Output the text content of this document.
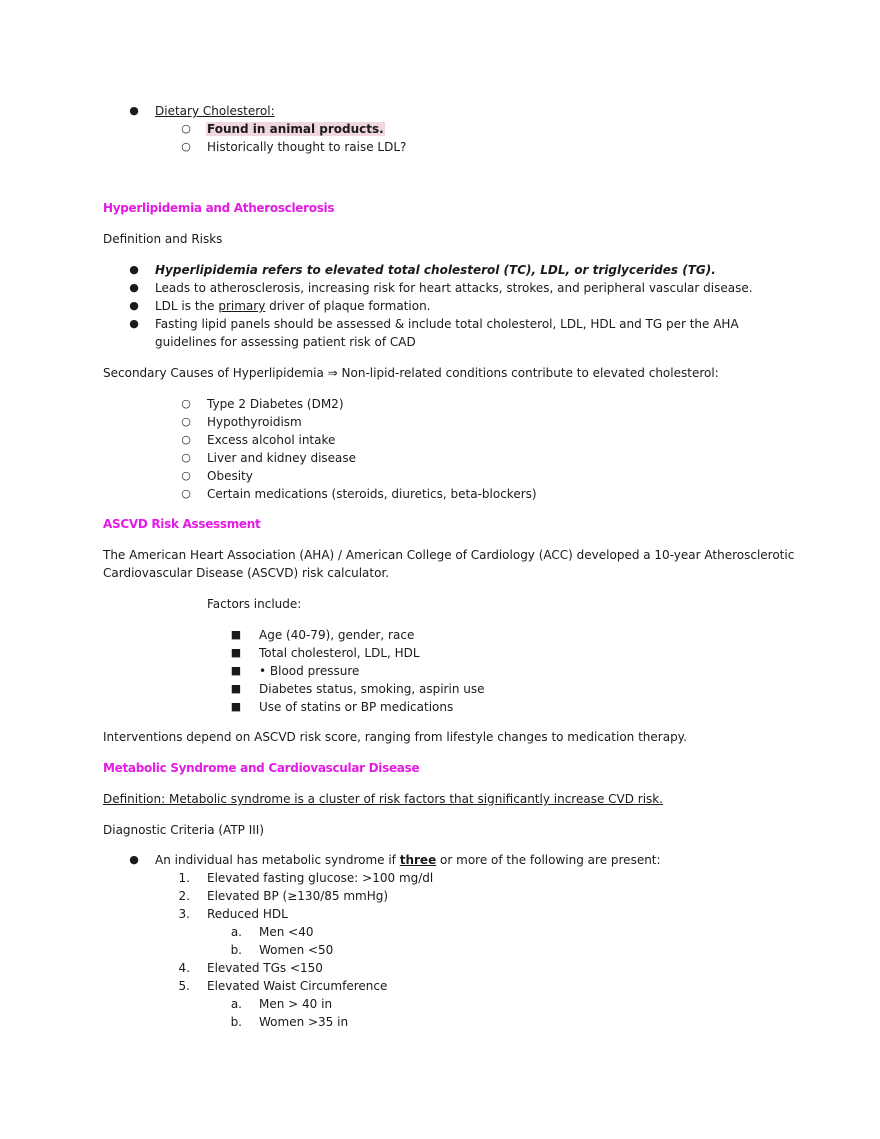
●	Dietary Cholesterol:
○	Found in animal products.
○	Historically thought to raise LDL?
Hyperlipidemia and Atherosclerosis
Definition and Risks
●	Hyperlipidemia refers to elevated total cholesterol (TC), LDL, or triglycerides (TG).
●	Leads to atherosclerosis, increasing risk for heart attacks, strokes, and peripheral vascular disease.
●	LDL is the primary driver of plaque formation.
●	Fasting lipid panels should be assessed & include total cholesterol, LDL, HDL and TG per the AHA
guidelines for assessing patient risk of CAD
Secondary Causes of Hyperlipidemia ⇒ Non-lipid-related conditions contribute to elevated cholesterol:
○	Type 2 Diabetes (DM2)
○	Hypothyroidism
○	Excess alcohol intake
○	Liver and kidney disease
○	Obesity
○	Certain medications (steroids, diuretics, beta-blockers)
ASCVD Risk Assessment
The American Heart Association (AHA) / American College of Cardiology (ACC) developed a 10-year Atherosclerotic
Cardiovascular Disease (ASCVD) risk calculator.
Factors include:
■	Age (40-79), gender, race
■	Total cholesterol, LDL, HDL
■	• Blood pressure
■	Diabetes status, smoking, aspirin use
■	Use of statins or BP medications
Interventions depend on ASCVD risk score, ranging from lifestyle changes to medication therapy.
Metabolic Syndrome and Cardiovascular Disease
Definition: Metabolic syndrome is a cluster of risk factors that significantly increase CVD risk.
Diagnostic Criteria (ATP III)
●	An individual has metabolic syndrome if three or more of the following are present:
1. Elevated fasting glucose: >100 mg/dl
2. Elevated BP (≥130/85 mmHg)
3. Reduced HDL
a. Men <40
b. Women <50
4. Elevated TGs <150
5. Elevated Waist Circumference
a. Men > 40 in
b. Women >35 in
